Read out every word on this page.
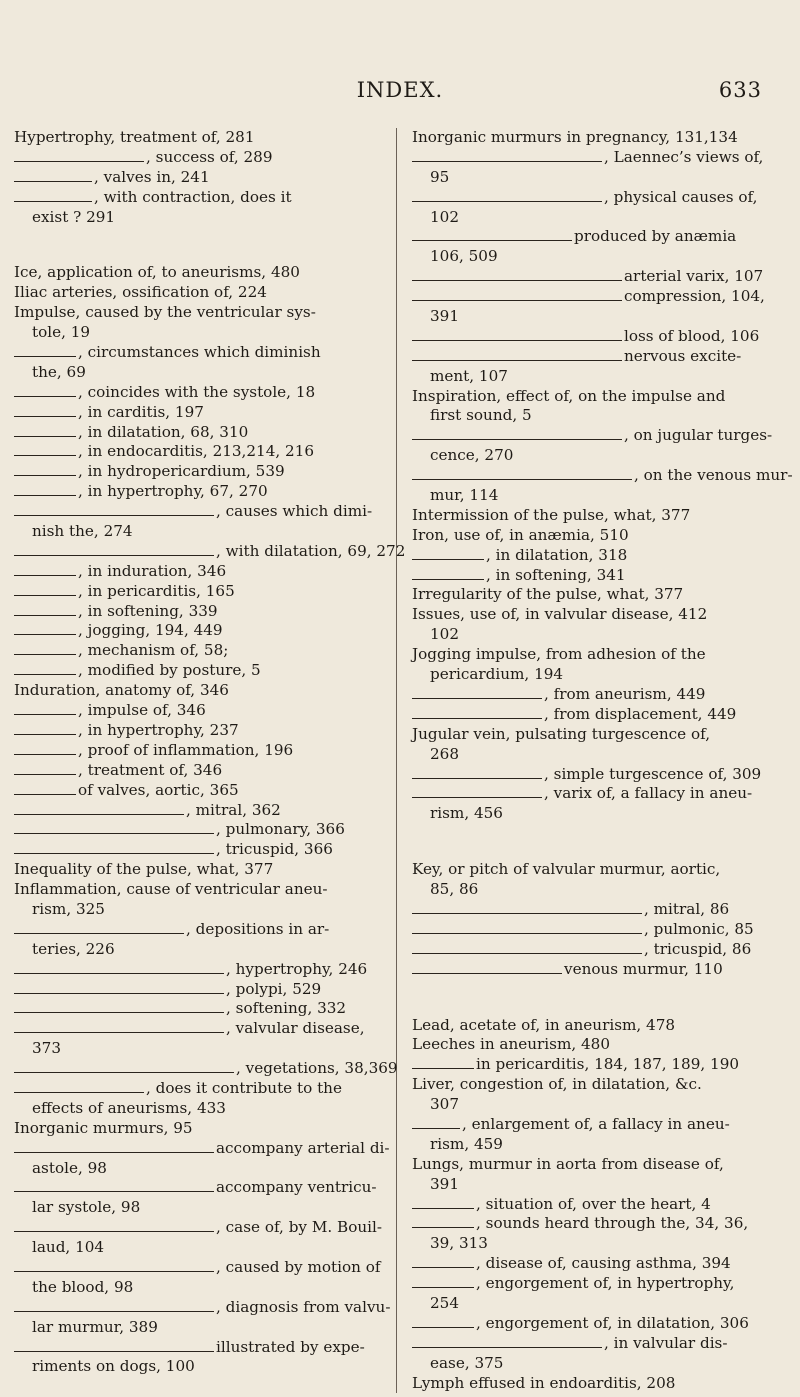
INDEX.	633
Hypertrophy, treatment of, 281
, success of, 289
, valves in, 241
, with contraction, does it
exist ? 291
Ice, application of, to aneurisms, 480
Iliac arteries, ossification of, 224
Impulse, caused by the ventricular sys-
tole, 19
, circumstances which diminish
the, 69
, coincides with the systole, 18
, in carditis, 197
, in dilatation, 68, 310
, in endocarditis, 213,214, 216
, in hydropericardium, 539
, in hypertrophy, 67, 270
, causes which dimi-
nish the, 274
, with dilatation, 69, 272
, in induration, 346
, in pericarditis, 165
, in softening, 339
, jogging, 194, 449
, mechanism of, 58;
, modified by posture, 5
Induration, anatomy of, 346
, impulse of, 346
, in hypertrophy, 237
, proof of inflammation, 196
, treatment of, 346
of valves, aortic, 365
, mitral, 362
, pulmonary, 366
, tricuspid, 366
Inequality of the pulse, what, 377
Inflammation, cause of ventricular aneu-
rism, 325
, depositions in ar-
teries, 226
, hypertrophy, 246
, polypi, 529
, softening, 332
, valvular disease,
373
, vegetations, 38,369
, does it contribute to the
effects of aneurisms, 433
Inorganic murmurs, 95
accompany arterial di-
astole, 98
accompany ventricu-
lar systole, 98
, case of, by M. Bouil-
laud, 104
, caused by motion of
the blood, 98
, diagnosis from valvu-
lar murmur, 389
illustrated by expe-
riments on dogs, 100
Inorganic murmurs in pregnancy, 131,134
, Laennec’s views of,
95
, physical causes of,
102
produced by anæmia
106, 509
arterial varix, 107
compression, 104,
391
loss of blood, 106
nervous excite-
ment, 107
Inspiration, effect of, on the impulse and
first sound, 5
, on jugular turges-
cence, 270
, on the venous mur-
mur, 114
Intermission of the pulse, what, 377
Iron, use of, in anæmia, 510
, in dilatation, 318
, in softening, 341
Irregularity of the pulse, what, 377
Issues, use of, in valvular disease, 412
102
Jogging impulse, from adhesion of the
pericardium, 194
, from aneurism, 449
, from displacement, 449
Jugular vein, pulsating turgescence of,
268
, simple turgescence of, 309
, varix of, a fallacy in aneu-
rism, 456
Key, or pitch of valvular murmur, aortic,
85, 86
, mitral, 86
, pulmonic, 85
, tricuspid, 86
venous murmur, 110
Lead, acetate of, in aneurism, 478
Leeches in aneurism, 480
in pericarditis, 184, 187, 189, 190
Liver, congestion of, in dilatation, &c.
307
, enlargement of, a fallacy in aneu-
rism, 459
Lungs, murmur in aorta from disease of,
391
, situation of, over the heart, 4
, sounds heard through the, 34, 36,
39, 313
, disease of, causing asthma, 394
, engorgement of, in hypertrophy,
254
, engorgement of, in dilatation, 306
, in valvular dis-
ease, 375
Lymph effused in endoarditis, 208
